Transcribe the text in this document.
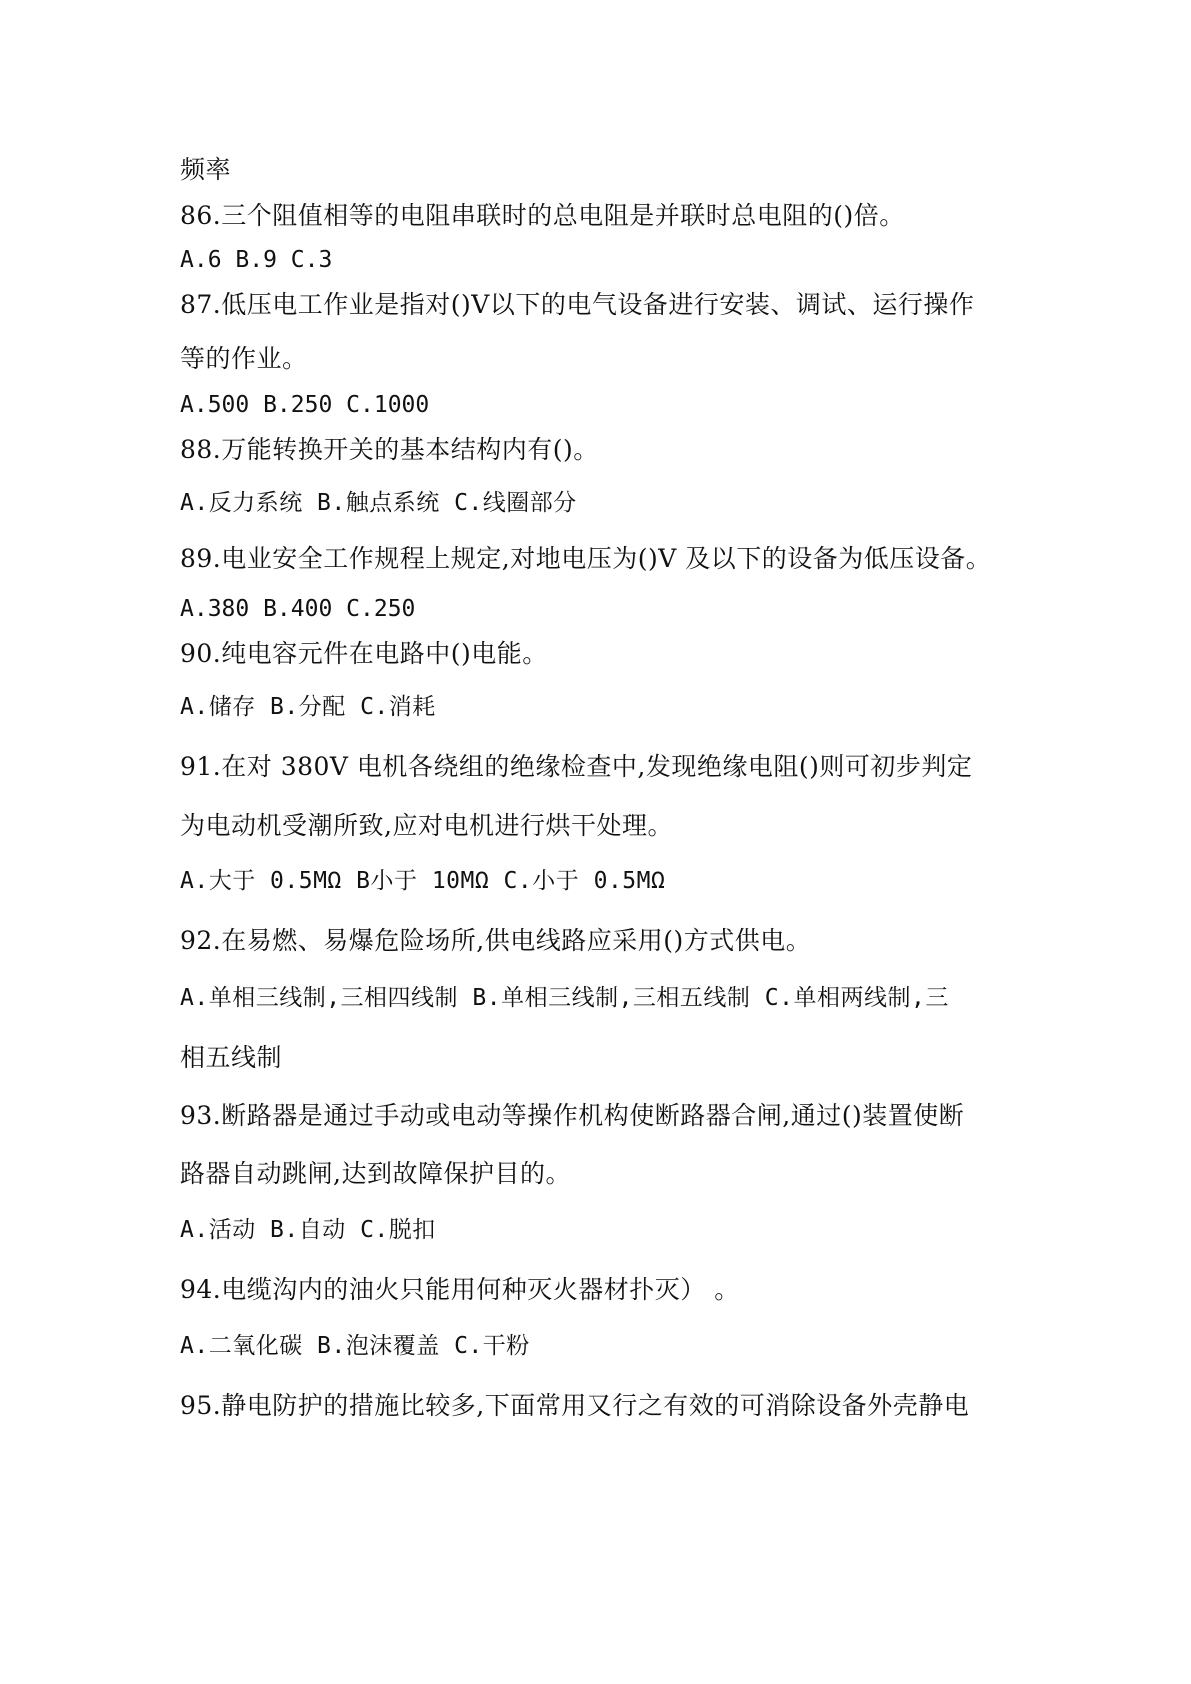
频率
86.三个阻值相等的电阻串联时的总电阻是并联时总电阻的()倍。
A.6 B.9 C.3
87.低压电工作业是指对()V以下的电气设备进行安装、调试、运行操作
等的作业。
A.500 B.250 C.1000
88.万能转换开关的基本结构内有()。
A.反力系统 B.触点系统 C.线圈部分
89.电业安全工作规程上规定,对地电压为()V 及以下的设备为低压设备。
A.380 B.400 C.250
90.纯电容元件在电路中()电能。
A.储存 B.分配 C.消耗
91.在对 380V 电机各绕组的绝缘检查中,发现绝缘电阻()则可初步判定
为电动机受潮所致,应对电机进行烘干处理。
A.大于 0.5MΩ B小于 10MΩ C.小于 0.5MΩ
92.在易燃、易爆危险场所,供电线路应采用()方式供电。
A.单相三线制,三相四线制 B.单相三线制,三相五线制 C.单相两线制,三
相五线制
93.断路器是通过手动或电动等操作机构使断路器合闸,通过()装置使断
路器自动跳闸,达到故障保护目的。
A.活动 B.自动 C.脱扣
94.电缆沟内的油火只能用何种灭火器材扑灭） 。
A.二氧化碳 B.泡沫覆盖 C.干粉
95.静电防护的措施比较多,下面常用又行之有效的可消除设备外壳静电
